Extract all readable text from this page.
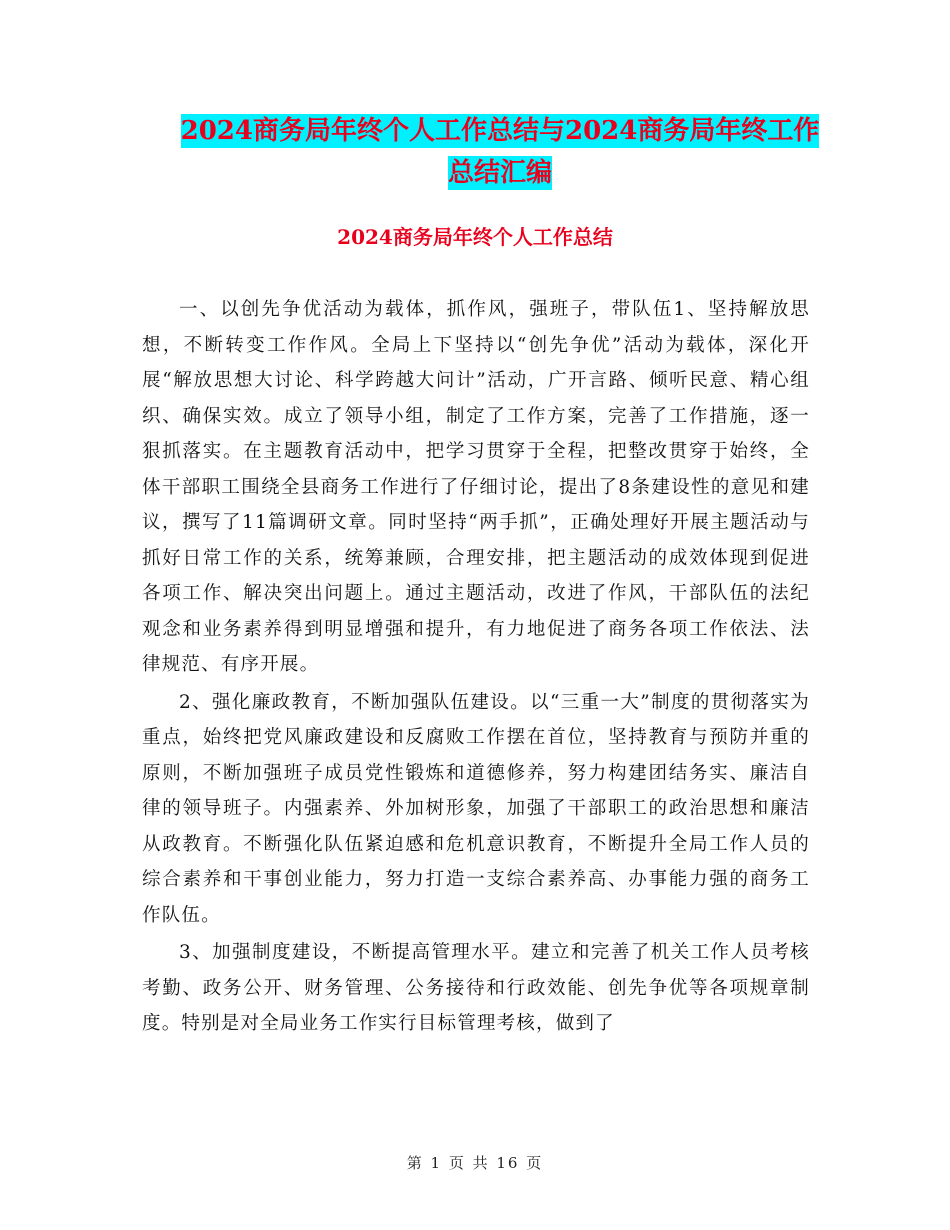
2024商务局年终个人工作总结与2024商务局年终工作
总结汇编
2024商务局年终个人工作总结

一、以创先争优活动为载体，抓作风，强班子，带队伍1、坚持解放思想，不断转变工作作风。全局上下坚持以“创先争优”活动为载体，深化开展“解放思想大讨论、科学跨越大问计”活动，广开言路、倾听民意、精心组织、确保实效。成立了领导小组，制定了工作方案，完善了工作措施，逐一狠抓落实。在主题教育活动中，把学习贯穿于全程，把整改贯穿于始终，全体干部职工围绕全县商务工作进行了仔细讨论，提出了8条建设性的意见和建议，撰写了11篇调研文章。同时坚持“两手抓”，正确处理好开展主题活动与抓好日常工作的关系，统筹兼顾，合理安排，把主题活动的成效体现到促进各项工作、解决突出问题上。通过主题活动，改进了作风，干部队伍的法纪观念和业务素养得到明显增强和提升，有力地促进了商务各项工作依法、法律规范、有序开展。

2、强化廉政教育，不断加强队伍建设。以“三重一大”制度的贯彻落实为重点，始终把党风廉政建设和反腐败工作摆在首位，坚持教育与预防并重的原则，不断加强班子成员党性锻炼和道德修养，努力构建团结务实、廉洁自律的领导班子。内强素养、外加树形象，加强了干部职工的政治思想和廉洁从政教育。不断强化队伍紧迫感和危机意识教育，不断提升全局工作人员的综合素养和干事创业能力，努力打造一支综合素养高、办事能力强的商务工作队伍。

3、加强制度建设，不断提高管理水平。建立和完善了机关工作人员考核考勤、政务公开、财务管理、公务接待和行政效能、创先争优等各项规章制度。特别是对全局业务工作实行目标管理考核，做到了

第 1 页 共 16 页
